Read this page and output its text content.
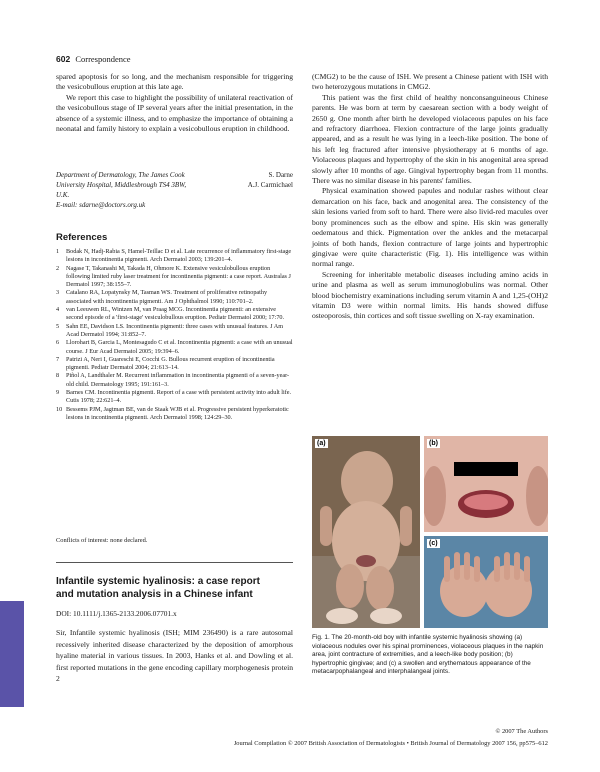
602 Correspondence

spared apoptosis for so long, and the mechanism responsible for triggering the vesicobullous eruption at this late age.

We report this case to highlight the possibility of unilateral reactivation of the vesicobullous stage of IP several years after the initial presentation, in the absence of a systemic illness, and to emphasize the importance of obtaining a neonatal and family history to explain a vesicobullous eruption in childhood.

Department of Dermatology, The James Cook	S. Darne
University Hospital, Middlesbrough TS4 3BW,	A.J. Carmichael
U.K.
E-mail: sdarne@doctors.org.uk
References
1 Bodak N, Hadj-Rabia S, Hamel-Teillac D et al. Late recurrence of inflammatory first-stage lesions in incontinentia pigmenti. Arch Dermatol 2003; 139:201–4.
2 Nagase T, Takanashi M, Takada H, Ohmore K. Extensive vesiculobullous eruption following limited ruby laser treatment for incontinentia pigmenti: a case report. Australas J Dermatol 1997; 38:155–7.
3 Catalano RA, Lopatynsky M, Tasman WS. Treatment of proliferative retinopathy associated with incontinentia pigmenti. Am J Ophthalmol 1990; 110:701–2.
4 van Leeuwen RL, Wintzen M, van Praag MCG. Incontinentia pigmenti: an extensive second episode of a 'first-stage' vesiculobullous eruption. Pediatr Dermatol 2000; 17:70.
5 Sahn EE, Davidson LS. Incontinentia pigmenti: three cases with unusual features. J Am Acad Dermatol 1994; 31:852–7.
6 Llorohart B, Garcia L, Montesagudo C et al. Incontinentia pigmenti: a case with an unusual course. J Eur Acad Dermatol 2005; 19:394–6.
7 Patrizi A, Neri I, Guareschi E, Cocchi G. Bullous recurrent eruption of incontinentia pigmenti. Pediatr Dermatol 2004; 21:613–14.
8 Piñol A, Landthaler M. Recurrent inflammation in incontinentia pigmenti of a seven-year-old child. Dermatology 1995; 191:161–3.
9 Barnes CM. Incontinentia pigmenti. Report of a case with persistent activity into adult life. Cutis 1978; 22:621–4.
10 Bessems PJM, Jagtman BE, van de Staak WJB et al. Progressive persistent hyperkeratotic lesions in incontinentia pigmenti. Arch Dermatol 1998; 124:29–30.
Conflicts of interest: none declared.
Infantile systemic hyalinosis: a case report
and mutation analysis in a Chinese infant
DOI: 10.1111/j.1365-2133.2006.07701.x
Sir, Infantile systemic hyalinosis (ISH; MIM 236490) is a rare autosomal recessively inherited disease characterized by the deposition of amorphous hyaline material in various tissues. In 2003, Hanks et al. and Dowling et al. first reported mutations in the gene encoding capillary morphogenesis protein 2

(CMG2) to be the cause of ISH. We present a Chinese patient with ISH with two heterozygous mutations in CMG2.

This patient was the first child of healthy nonconsanguineous Chinese parents. He was born at term by caesarean section with a body weight of 2650 g. One month after birth he developed violaceous papules on his face and refractory diarrhoea. Flexion contracture of the large joints gradually appeared, and as a result he was lying in a leech-like position. The bone of his left leg fractured after intensive physiotherapy at 6 months of age. Violaceous plaques and hypertrophy of the skin in his anogenital area spread slowly after 10 months of age. Gingival hypertrophy began from 11 months. There was no similar disease in his parents' families.

Physical examination showed papules and nodular rashes without clear demarcation on his face, back and anogenital area. The consistency of the skin lesions varied from soft to hard. There were also livid-red macules over bony prominences such as the elbow and spine. His skin was generally oedematous and thick. Pigmentation over the ankles and the metacarpal joints of both hands, flexion contracture of large joints and hypertrophic gingivae were quite characteristic (Fig. 1). His intelligence was within normal range.

Screening for inheritable metabolic diseases including amino acids in urine and plasma as well as serum immunoglobulins was normal. Other blood biochemistry examinations including serum vitamin A and 1,25-(OH)2 vitamin D3 were within normal limits. His hands showed diffuse osteoporosis, thin cortices and soft tissue swelling on X-ray examination.

(a)	(b)
(c)
Fig. 1. The 20-month-old boy with infantile systemic hyalinosis showing (a) violaceous nodules over his spinal prominences, violaceous plaques in the napkin area, joint contracture of extremities, and a leech-like body position; (b) hypertrophic gingivae; and (c) a swollen and erythematous appearance of the metacarpophalangeal and interphalangeal joints.
© 2007 The Authors
Journal Compilation © 2007 British Association of Dermatologists • British Journal of Dermatology 2007 156, pp575–612
